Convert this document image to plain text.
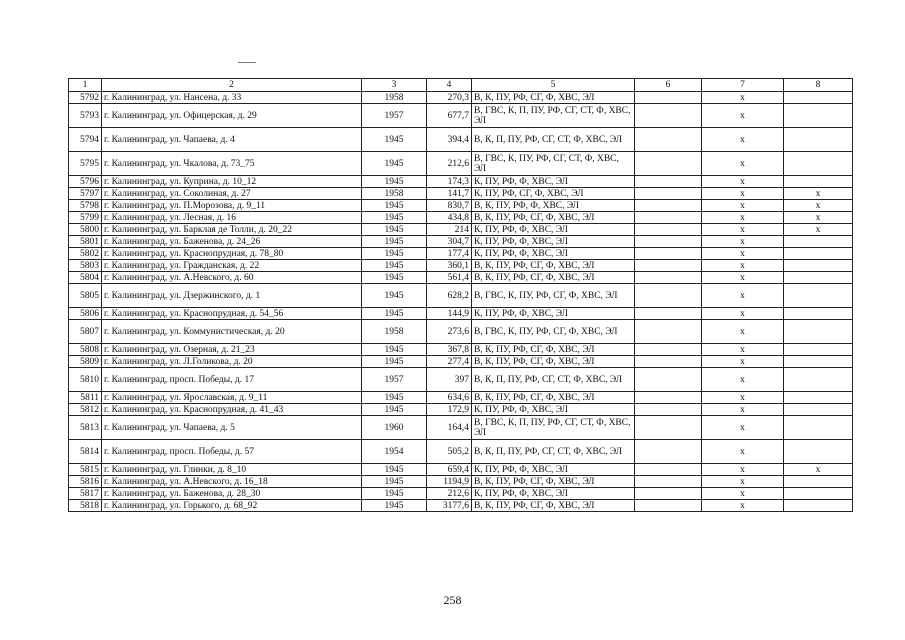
1	2	3	4	5	6	7	8
5792	г. Калининград, ул. Нансена, д. 33	1958	270,3	В, К, ПУ, РФ, СГ, Ф, ХВС, ЭЛ		x	
5793	г. Калининград, ул. Офицерская, д. 29	1957	677,7	В, ГВС, К, П, ПУ, РФ, СГ, СТ, Ф, ХВС, ЭЛ		x	
5794	г. Калининград, ул. Чапаева, д. 4	1945	394,4	В, К, П, ПУ, РФ, СГ, СТ, Ф, ХВС, ЭЛ		x	
5795	г. Калининград, ул. Чкалова, д. 73_75	1945	212,6	В, ГВС, К, ПУ, РФ, СГ, СТ, Ф, ХВС, ЭЛ		x	
5796	г. Калининград, ул. Куприна, д. 10_12	1945	174,3	К, ПУ, РФ, Ф, ХВС, ЭЛ		x	
5797	г. Калининград, ул. Соколиная, д. 27	1958	141,7	К, ПУ, РФ, СГ, Ф, ХВС, ЭЛ		x	x
5798	г. Калининград, ул. П.Морозова, д. 9_11	1945	830,7	В, К, ПУ, РФ, Ф, ХВС, ЭЛ		x	x
5799	г. Калининград, ул. Лесная, д. 16	1945	434,8	В, К, ПУ, РФ, СГ, Ф, ХВС, ЭЛ		x	x
5800	г. Калининград, ул. Барклая де Толли, д. 20_22	1945	214	К, ПУ, РФ, Ф, ХВС, ЭЛ		x	x
5801	г. Калининград, ул. Баженова, д. 24_26	1945	304,7	К, ПУ, РФ, Ф, ХВС, ЭЛ		x	
5802	г. Калининград, ул. Краснопрудная, д. 78_80	1945	177,4	К, ПУ, РФ, Ф, ХВС, ЭЛ		x	
5803	г. Калининград, ул. Гражданская, д. 22	1945	360,1	В, К, ПУ, РФ, СГ, Ф, ХВС, ЭЛ		x	
5804	г. Калининград, ул. А.Невского, д. 60	1945	561,4	В, К, ПУ, РФ, СГ, Ф, ХВС, ЭЛ		x	
5805	г. Калининград, ул. Дзержинского, д. 1	1945	628,2	В, ГВС, К, ПУ, РФ, СГ, Ф, ХВС, ЭЛ		x	
5806	г. Калининград, ул. Краснопрудная, д. 54_56	1945	144,9	К, ПУ, РФ, Ф, ХВС, ЭЛ		x	
5807	г. Калининград, ул. Коммунистическая, д. 20	1958	273,6	В, ГВС, К, ПУ, РФ, СГ, Ф, ХВС, ЭЛ		x	
5808	г. Калининград, ул. Озерная, д. 21_23	1945	367,8	В, К, ПУ, РФ, СГ, Ф, ХВС, ЭЛ		x	
5809	г. Калининград, ул. Л.Голикова, д. 20	1945	277,4	В, К, ПУ, РФ, СГ, Ф, ХВС, ЭЛ		x	
5810	г. Калининград, просп. Победы, д. 17	1957	397	В, К, П, ПУ, РФ, СГ, СТ, Ф, ХВС, ЭЛ		x	
5811	г. Калининград, ул. Ярославская, д. 9_11	1945	634,6	В, К, ПУ, РФ, СГ, Ф, ХВС, ЭЛ		x	
5812	г. Калининград, ул. Краснопрудная, д. 41_43	1945	172,9	К, ПУ, РФ, Ф, ХВС, ЭЛ		x	
5813	г. Калининград, ул. Чапаева, д. 5	1960	164,4	В, ГВС, К, П, ПУ, РФ, СГ, СТ, Ф, ХВС, ЭЛ		x	
5814	г. Калининград, просп. Победы, д. 57	1954	505,2	В, К, П, ПУ, РФ, СГ, СТ, Ф, ХВС, ЭЛ		x	
5815	г. Калининград, ул. Глинки, д. 8_10	1945	659,4	К, ПУ, РФ, Ф, ХВС, ЭЛ		x	x
5816	г. Калининград, ул. А.Невского, д. 16_18	1945	1194,9	В, К, ПУ, РФ, СГ, Ф, ХВС, ЭЛ		x	
5817	г. Калининград, ул. Баженова, д. 28_30	1945	212,6	К, ПУ, РФ, Ф, ХВС, ЭЛ		x	
5818	г. Калининград, ул. Горького, д. 68_92	1945	3177,6	В, К, ПУ, РФ, СГ, Ф, ХВС, ЭЛ		x	
258
